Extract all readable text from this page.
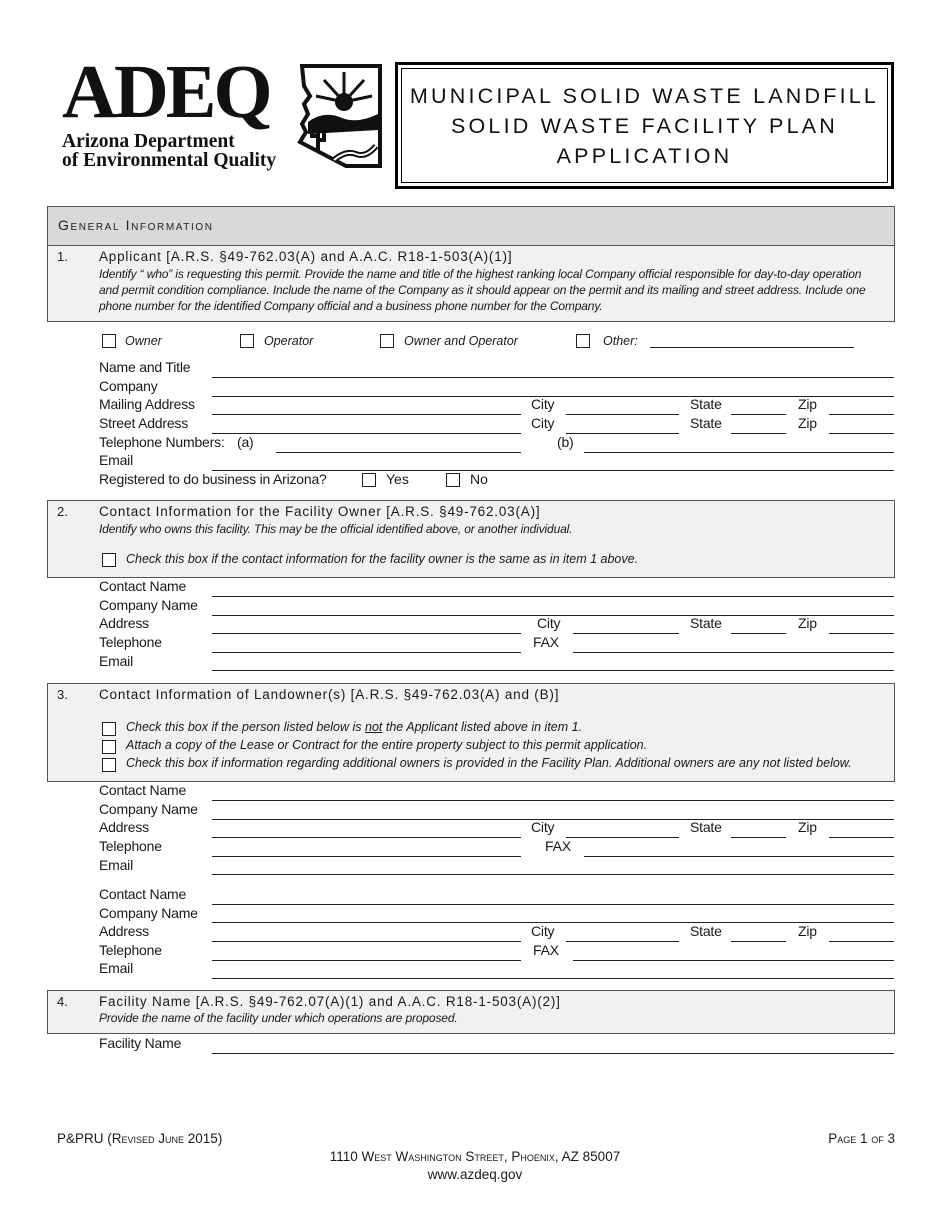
ADEQ
Arizona Department
of Environmental Quality
MUNICIPAL SOLID WASTE LANDFILL
SOLID WASTE FACILITY PLAN
APPLICATION
General Information
1. Applicant [A.R.S. §49-762.03(A) and A.A.C. R18-1-503(A)(1)]
Identify “ who” is requesting this permit. Provide the name and title of the highest ranking local Company official responsible for day-to-day operation and permit condition compliance. Include the name of the Company as it should appear on the permit and its mailing and street address. Include one phone number for the identified Company official and a business phone number for the Company.
Owner	Operator	Owner and Operator	Other:
Name and Title
Company
Mailing Address	City	State	Zip
Street Address	City	State	Zip
Telephone Numbers: (a)	(b)
Email
Registered to do business in Arizona?	Yes	No
2. Contact Information for the Facility Owner [A.R.S. §49-762.03(A)]
Identify who owns this facility. This may be the official identified above, or another individual.
Check this box if the contact information for the facility owner is the same as in item 1 above.
Contact Name
Company Name
Address	City	State	Zip
Telephone	FAX
Email
3. Contact Information of Landowner(s) [A.R.S. §49-762.03(A) and (B)]
Check this box if the person listed below is not the Applicant listed above in item 1.
Attach a copy of the Lease or Contract for the entire property subject to this permit application.
Check this box if information regarding additional owners is provided in the Facility Plan. Additional owners are any not listed below.
Contact Name
Company Name
Address	City	State	Zip
Telephone	FAX
Email
Contact Name
Company Name
Address	City	State	Zip
Telephone	FAX
Email
4. Facility Name [A.R.S. §49-762.07(A)(1) and A.A.C. R18-1-503(A)(2)]
Provide the name of the facility under which operations are proposed.
Facility Name
P&PRU (Revised June 2015)	Page 1 of 3
1110 West Washington Street, Phoenix, AZ 85007
www.azdeq.gov
